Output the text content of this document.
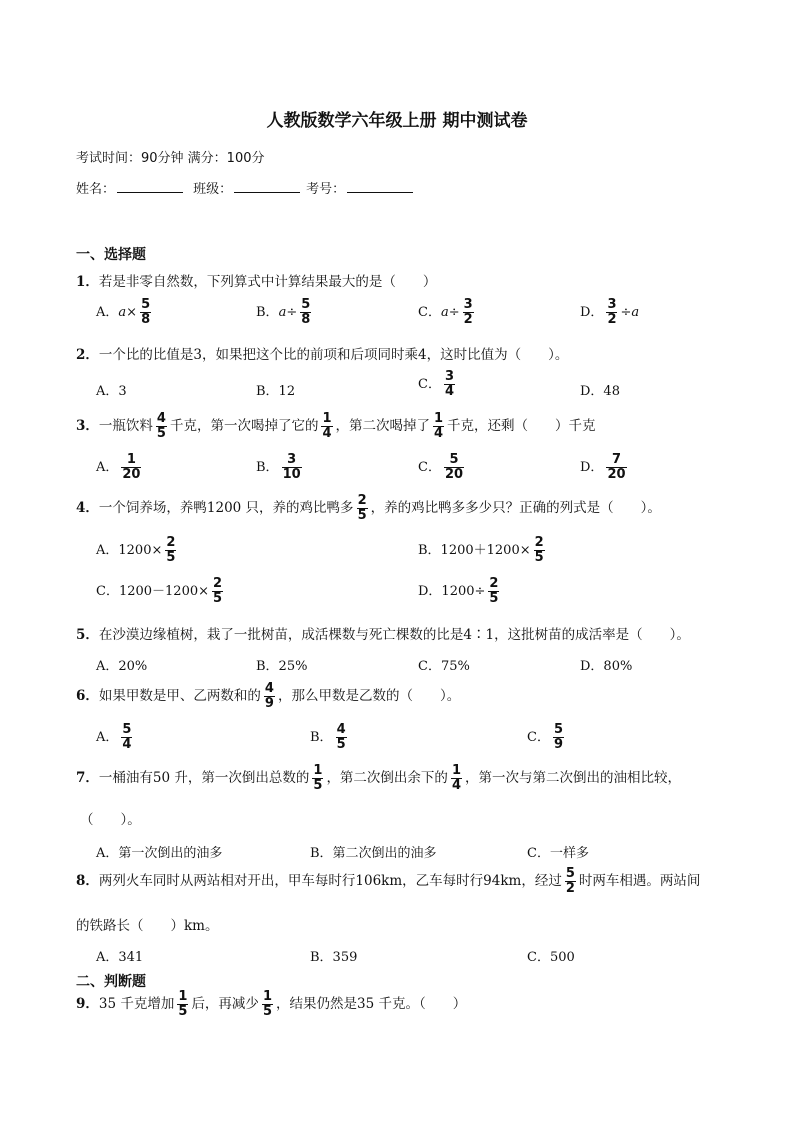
人教版数学六年级上册 期中测试卷
考试时间：90分钟 满分：100分
姓名：	班级：	考号：
一、选择题
1．若是非零自然数，下列算式中计算结果最大的是（　　）
A．$a\times \frac{5}{8}$	B．$a\div \frac{5}{8}$	C．$a\div \frac{3}{2}$	D． $\frac{3}{2} \div a$
2．一个比的比值是3，如果把这个比的前项和后项同时乘4，这时比值为（　　）。
A．3	B．12	C． $\frac{3}{4}$	D．48
3．一瓶饮料 $\frac{4}{5}$ 千克，第一次喝掉了它的 $\frac{1}{4}$ ，第二次喝掉了 $\frac{1}{4}$ 千克，还剩（　　）千克
A． $\frac{1}{20}$	B． $\frac{3}{10}$	C． $\frac{5}{20}$	D． $\frac{7}{20}$
4．一个饲养场，养鸭1200 只，养的鸡比鸭多 $\frac{2}{5}$ ，养的鸡比鸭多多少只？正确的列式是（　　）。
A．$1200\times \frac{2}{5}$	B．$1200+1200\times \frac{2}{5}$
C．$1200-1200\times \frac{2}{5}$	D．$1200\div \frac{2}{5}$
5．在沙漠边缘植树，栽了一批树苗，成活棵数与死亡棵数的比是4∶1，这批树苗的成活率是（　　）。
A．20%	B．25%	C．75%	D．80%
6．如果甲数是甲、乙两数和的 $\frac{4}{9}$ ，那么甲数是乙数的（　　）。
A． $\frac{5}{4}$	B． $\frac{4}{5}$	C． $\frac{5}{9}$
7．一桶油有50 升，第一次倒出总数的 $\frac{1}{5}$ ，第二次倒出余下的 $\frac{1}{4}$ ，第一次与第二次倒出的油相比较，
（　　）。
A．第一次倒出的油多	B．第二次倒出的油多	C．一样多
8．两列火车同时从两站相对开出，甲车每时行106km，乙车每时行94km，经过 $\frac{5}{2}$ 时两车相遇。两站间
的铁路长（　　）km。
A．341	B．359	C．500
二、判断题
9．35 千克增加 $\frac{1}{5}$ 后，再减少 $\frac{1}{5}$ ，结果仍然是35 千克。（　　）
